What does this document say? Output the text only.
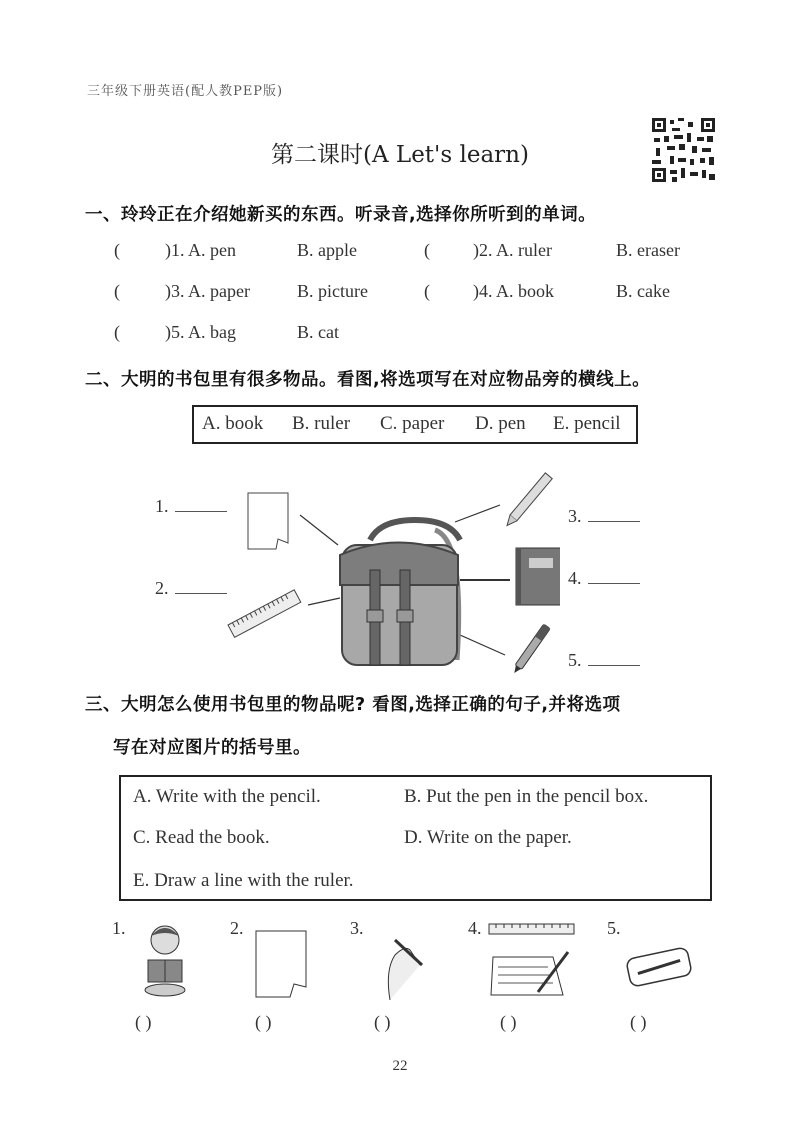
三年级下册英语(配人教PEP版)
第二课时(A Let's learn)
一、玲玲正在介绍她新买的东西。听录音,选择你所听到的单词。
(	)1. A. pen	B. apple	( )2. A. ruler	B. eraser
(	)3. A. paper	B. picture	( )4. A. book	B. cake
(	)5. A. bag	B. cat
二、大明的书包里有很多物品。看图,将选项写在对应物品旁的横线上。
A. book B. ruler C. paper D. pen E. pencil
1.
2.
3.
4.
5.
三、大明怎么使用书包里的物品呢? 看图,选择正确的句子,并将选项
写在对应图片的括号里。
A. Write with the pencil.	B. Put the pen in the pencil box.
C. Read the book.	D. Write on the paper.
E. Draw a line with the ruler.
1.	2.	3.	4.	5.
( )	( )	( )	( )	( )
22
